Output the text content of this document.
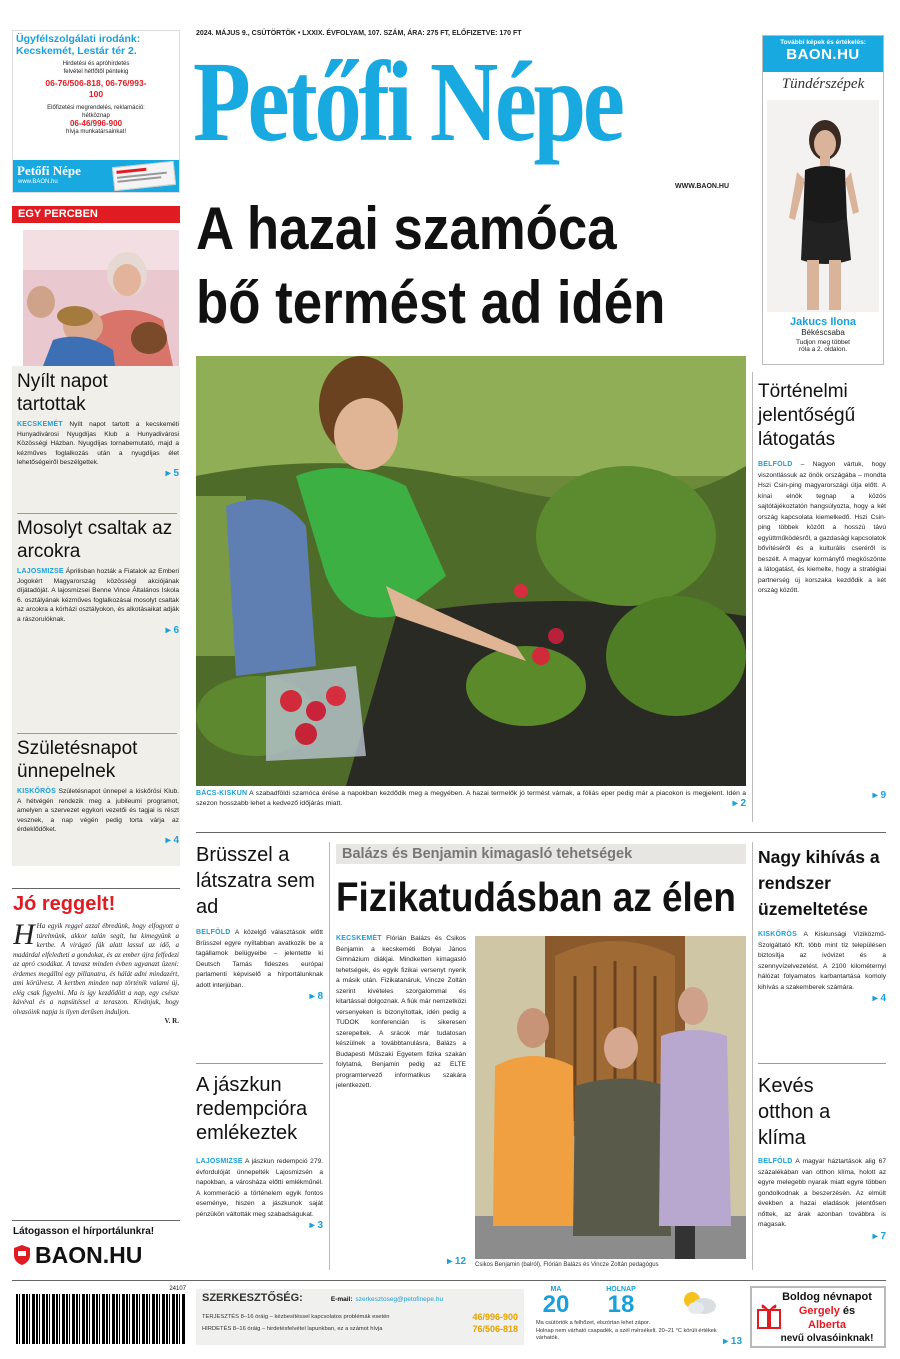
Ügyfélszolgálati irodánk:
Kecskemét, Lestár tér 2.
Hirdetési és apróhirdetés
felvétel hétfőtől péntekig
06-76/506-818, 06-76/993-100
Előfizetési megrendelés, reklamáció:
hétköznap
06-46/996-900
hívja munkatársainkat!
Petőfi Népe
www.BAON.hu
2024. MÁJUS 9., CSÜTÖRTÖK • LXXIX. ÉVFOLYAM, 107. SZÁM, ÁRA: 275 FT, ELŐFIZETVE: 170 FT
Petőfi Népe
WWW.BAON.HU
További képek és értékelés:
BAON.HU
Tündérszépek
Jakucs Ilona
Békéscsaba
Tudjon meg többet
róla a 2. oldalon.
EGY PERCBEN
Nyílt napot tartottak
KECSKEMÉT Nyílt napot tartott a kecskeméti Hunyadivárosi Nyugdíjas Klub a Hunyadivárosi Közösségi Házban. Nyugdíjas tornabemutató, majd a kézműves foglalkozás után a nyugdíjas élet lehetőségeiről beszélgettek.
▸ 5
Mosolyt csaltak az arcokra
LAJOSMIZSE Áprilisban hozták a Fiatalok az Emberi Jogokért Magyarország közösségi akciójának díjátadóját. A lajosmizsei Benne Vince Általános Iskola 6. osztályának kézműves foglalkozásai mosolyt csaltak az arcokra a kórházi osztályokon, és alkotásaikat adják a rászorulóknak.
▸ 6
Születésnapot ünnepelnek
KISKŐRÖS Születésnapot ünnepel a kiskőrösi Klub. A hétvégén rendezik meg a jubileumi programot, amelyen a szervezet egykori vezetői és tagjai is részt vesznek, a nap végén pedig torta várja az érdeklődőket.
▸ 4
Jó reggelt!
H Ha egyik reggel azzal ébredünk, hogy elfogyott a türelmünk, akkor talán segít, ha kimegyünk a kertbe. A virágzó fák alatt lassul az idő, a madárdal elfeledteti a gondokat, és az ember újra felfedezi az apró csodákat. A tavasz minden évben ugyanazt üzeni: érdemes megállni egy pillanatra, és hálát adni mindazért, ami körülvesz. A kertben minden nap történik valami új, elég csak figyelni. Ma is így kezdődött a nap, egy csésze kávéval és a napsütéssel a teraszon. Kívánjuk, hogy olvasóink napja is ilyen derűsen induljon.
V. R.
Látogasson el hírportálunkra!
BAON.HU
A hazai szamóca
bő termést ad idén
BÁCS-KISKUN A szabadföldi szamóca érése a napokban kezdődik meg a megyében. A hazai termelők jó termést várnak, a fóliás eper pedig már a piacokon is megjelent. Idén a szezon hosszabb lehet a kedvező időjárás miatt.	▸ 2
Történelmi jelentőségű látogatás
BELFÖLD – Nagyon vártuk, hogy viszontlássuk az önök országába – mondta Hszi Csin-ping magyarországi útja előtt. A kínai elnök tegnap a közös sajtótájékoztatón hangsúlyozta, hogy a két ország kapcsolata kiemelkedő. Hszi Csin-ping többek között a hosszú távú együttműködésről, a gazdasági kapcsolatok bővítéséről és a kulturális cseréről is beszélt. A magyar kormányfő megköszönte a látogatást, és kiemelte, hogy a stratégiai partnerség új korszaka kezdődik a két ország között.
▸ 9
Brüsszel a látszatra sem ad
BELFÖLD A közelgő választások előtt Brüsszel egyre nyíltabban avatkozik be a tagállamok belügyeibe – jelentette ki Deutsch Tamás fideszes európai parlamenti képviselő a hírportálunknak adott interjúban.
▸ 8
A jászkun redempcióra emlékeztek
LAJOSMIZSE A jászkun redempció 279. évfordulóját ünnepelték Lajosmizsén a napokban, a városháza előtti emlékműnél. A kommeráció a történelem egyik fontos eseménye, hiszen a jászkunok saját pénzükön váltották meg szabadságukat.
▸ 3
Balázs és Benjamin kimagasló tehetségek
Fizikatudásban az élen
KECSKEMÉT Flórián Balázs és Csikos Benjamin a kecskeméti Bolyai János Gimnázium diákjai. Mindketten kimagasló tehetségek, és egyik fizikai versenyt nyerik a másik után. Fizikatanáruk, Vincze Zoltán szerint kivételes szorgalommal és kitartással dolgoznak. A fiúk már nemzetközi versenyeken is bizonyítottak, idén pedig a TUDOK konferencián is sikeresen szerepeltek. A srácok már tudatosan készülnek a továbbtanulásra, Balázs a Budapesti Műszaki Egyetem fizika szakán folytatná, Benjamin pedig az ELTE programtervező informatikus szakára jelentkezett.
▸ 12 Csikos Benjamin (balról), Flórián Balázs és Vincze Zoltán pedagógus
Nagy kihívás a rendszer üzemeltetése
KISKŐRÖS A Kiskunsági Víziközmű-Szolgáltató Kft. több mint tíz településen biztosítja az ivóvizet és a szennyvízelvezetést. A 2100 kilométernyi hálózat folyamatos karbantartása komoly kihívás a szakemberek számára.
▸ 4
Kevés otthon a klíma
BELFÖLD A magyar háztartások alig 67 százalékában van otthon klíma, holott az egyre melegebb nyarak miatt egyre többen gondolkodnak a beszerzésén. Az elmúlt években a hazai eladások jelentősen nőttek, az árak azonban továbbra is magasak.
▸ 7
24107
SZERKESZTŐSÉG:	E-mail: szerkesztoseg@petofinepe.hu
TERJESZTÉS 8–16 óráig – kézbesítéssel kapcsolatos problémák esetén	46/996-900
HIRDETÉS 8–16 óráig – hirdetésfelvétel lapunkban, ez a számot hívja	76/506-818
MA
20
HOLNAP
18
Ma csütörtök a felhőzet, elszórtan lehet zápor.
Holnap nem várható csapadék, a szél mérsékelt. 20–21 °C körüli értékek várhatók.	▸ 13
Boldog névnapot
Gergely és
Alberta
nevű olvasóinknak!
